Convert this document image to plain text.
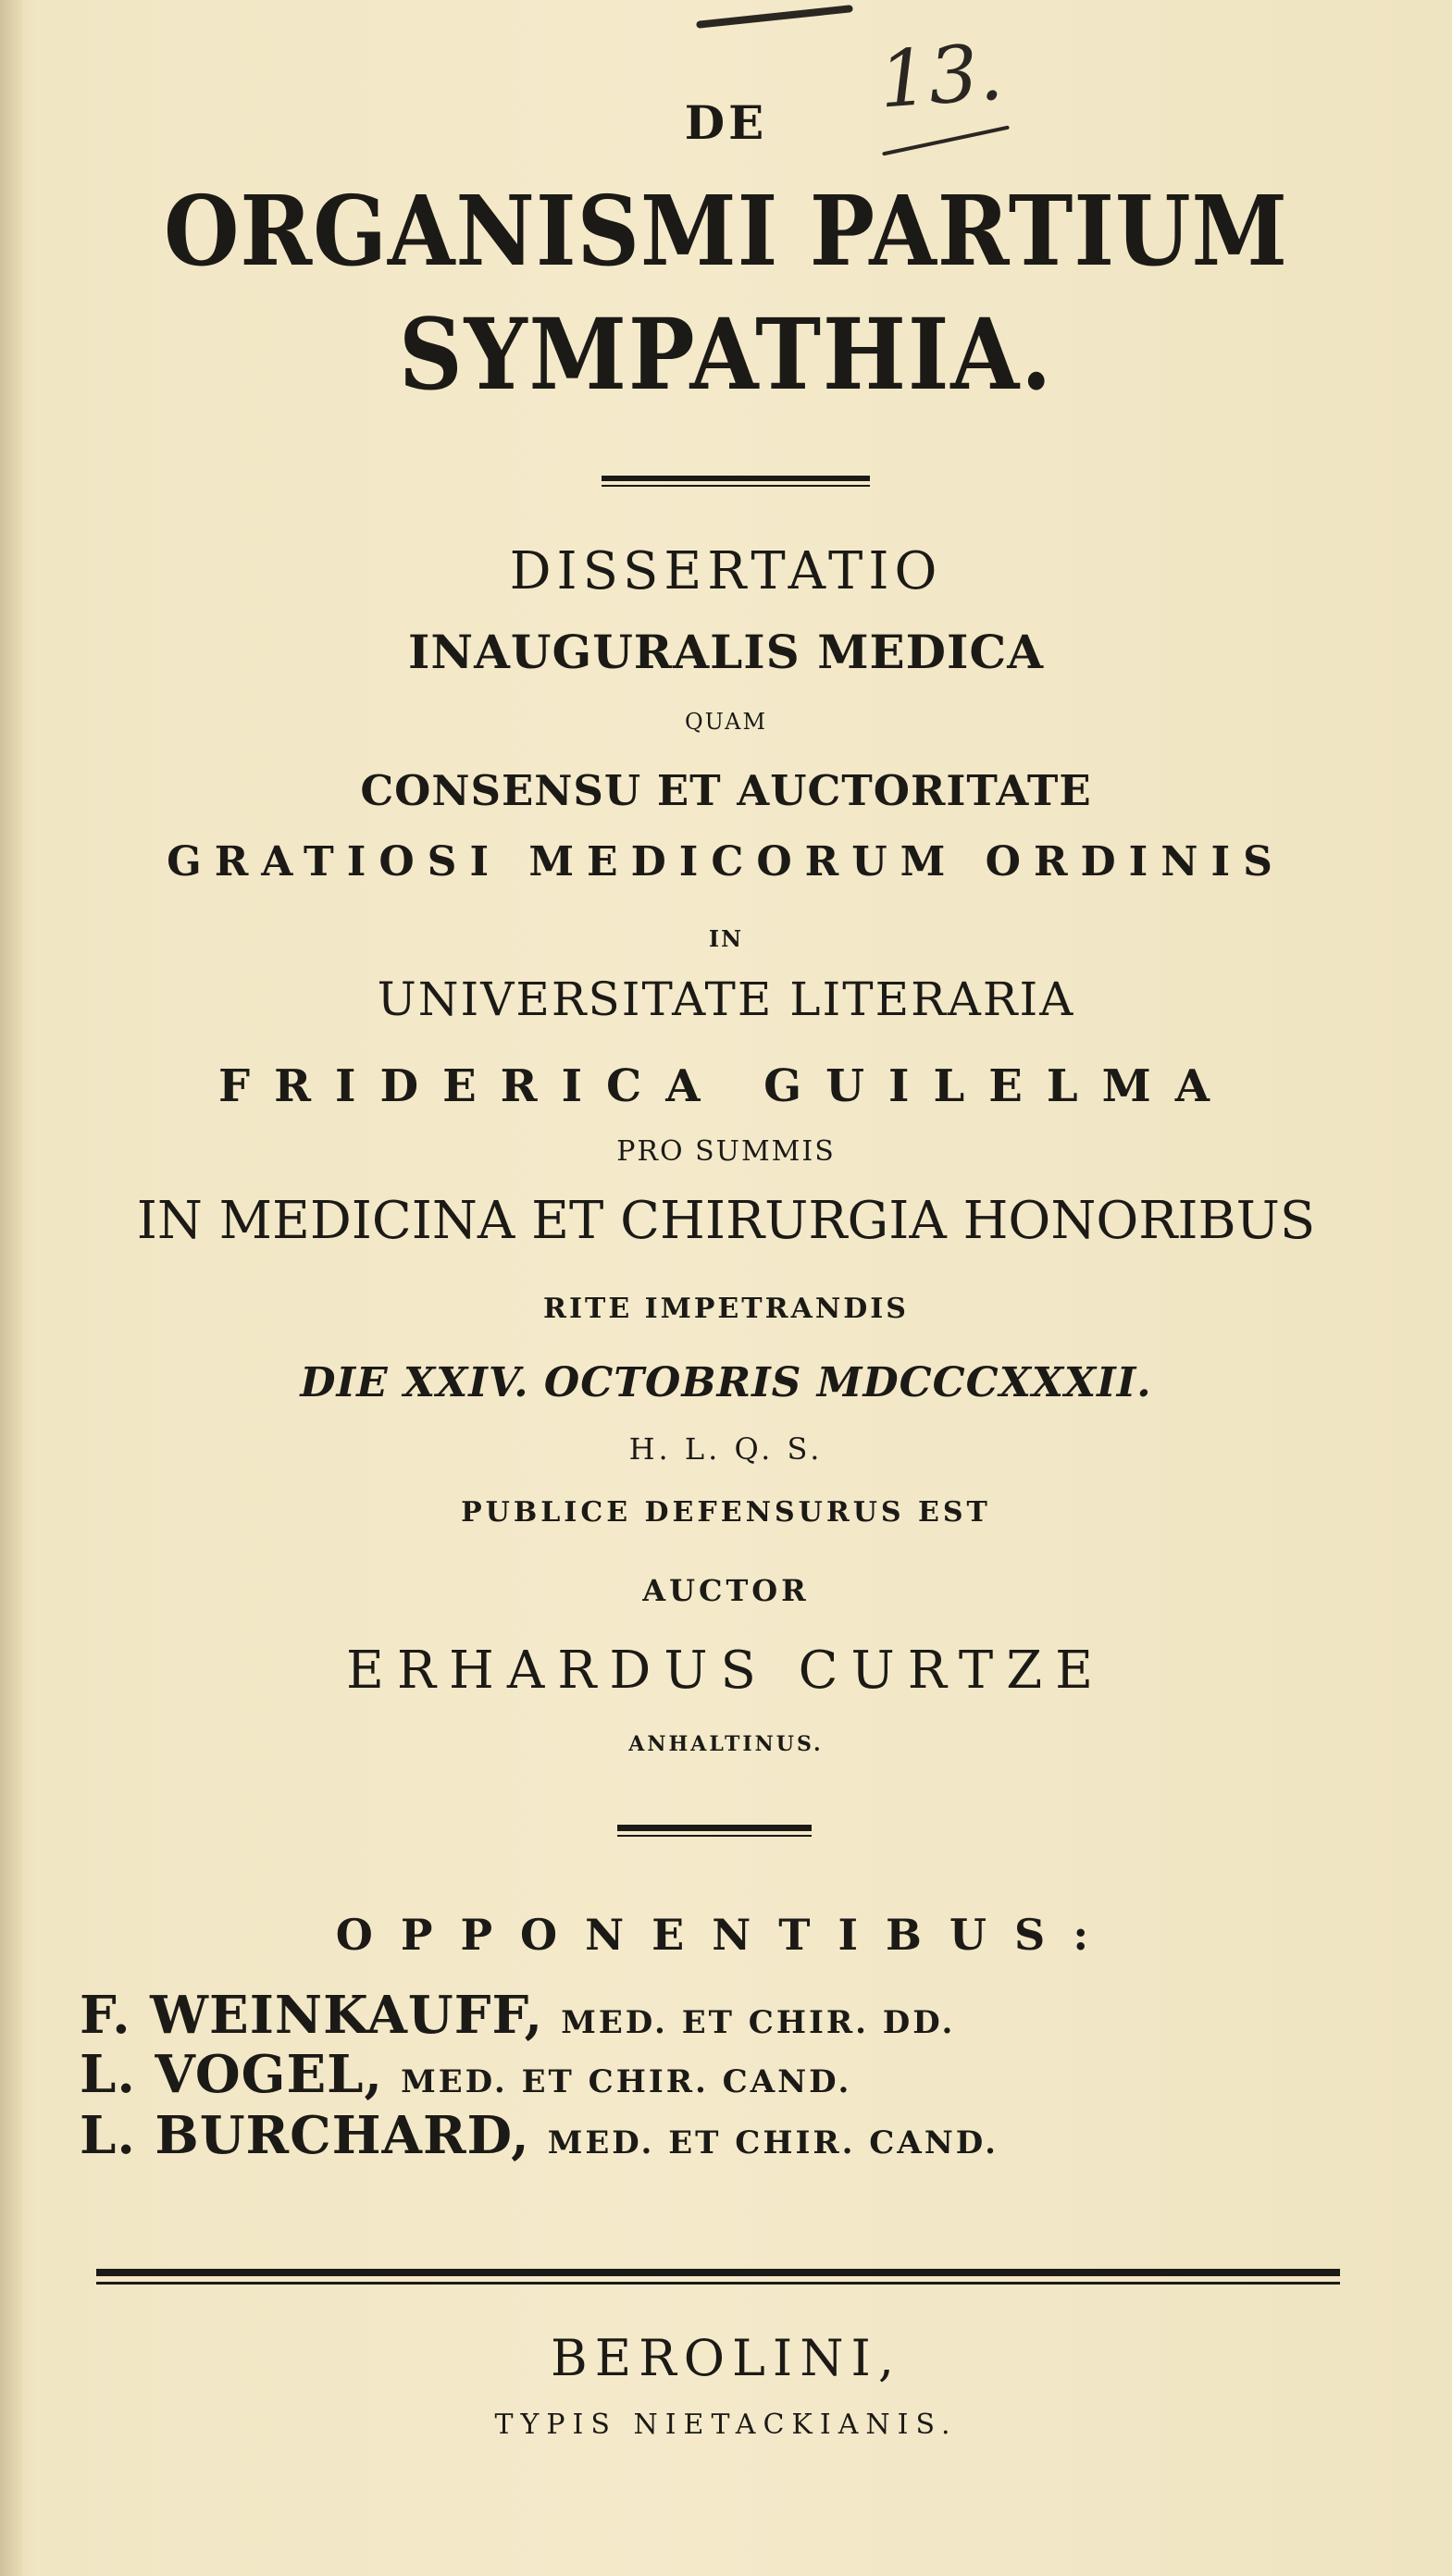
13.
DE
ORGANISMI PARTIUM
SYMPATHIA.
DISSERTATIO
INAUGURALIS MEDICA
QUAM
CONSENSU ET AUCTORITATE
GRATIOSI MEDICORUM ORDINIS
IN
UNIVERSITATE LITERARIA
FRIDERICA GUILELMA
PRO SUMMIS
IN MEDICINA ET CHIRURGIA HONORIBUS
RITE IMPETRANDIS
DIE XXIV. OCTOBRIS MDCCCXXXII.
H. L. Q. S.
PUBLICE DEFENSURUS EST
AUCTOR
ERHARDUS CURTZE
ANHALTINUS.
OPPONENTIBUS:
F. WEINKAUFF, MED. ET CHIR. DD.
L. VOGEL, MED. ET CHIR. CAND.
L. BURCHARD, MED. ET CHIR. CAND.
BEROLINI,
TYPIS NIETACKIANIS.
